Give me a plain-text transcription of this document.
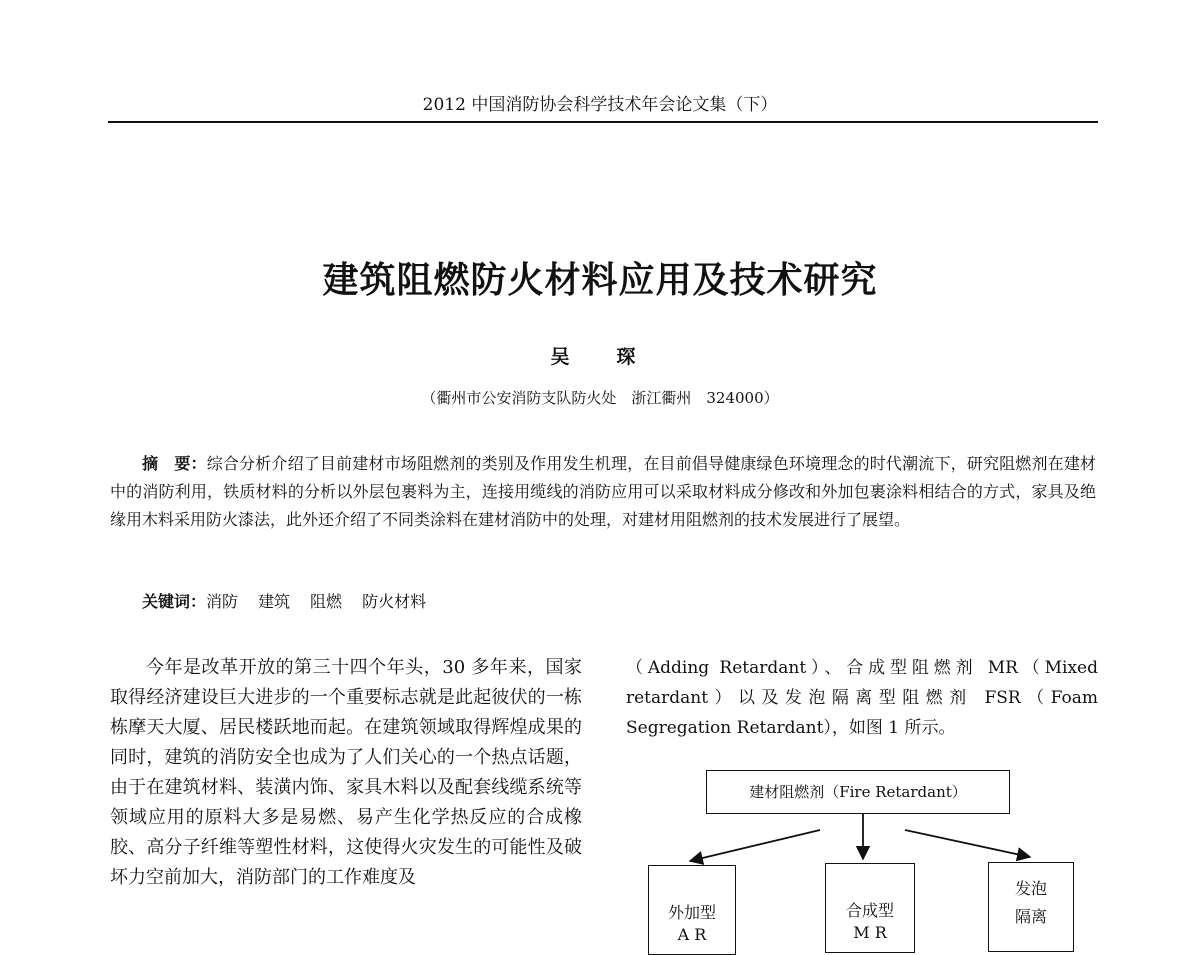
2012 中国消防协会科学技术年会论文集（下）
建筑阻燃防火材料应用及技术研究
吴　琛
（衢州市公安消防支队防火处　浙江衢州　324000）
摘　要：综合分析介绍了目前建材市场阻燃剂的类别及作用发生机理，在目前倡导健康绿色环境理念的时代潮流下，研究阻燃剂在建材中的消防利用，铁质材料的分析以外层包裹料为主，连接用缆线的消防应用可以采取材料成分修改和外加包裹涂料相结合的方式，家具及绝缘用木料采用防火漆法，此外还介绍了不同类涂料在建材消防中的处理，对建材用阻燃剂的技术发展进行了展望。
关键词：消防 建筑 阻燃 防火材料
今年是改革开放的第三十四个年头，30 多年来，国家取得经济建设巨大进步的一个重要标志就是此起彼伏的一栋栋摩天大厦、居民楼跃地而起。在建筑领域取得辉煌成果的同时，建筑的消防安全也成为了人们关心的一个热点话题，由于在建筑材料、装潢内饰、家具木料以及配套线缆系统等领域应用的原料大多是易燃、易产生化学热反应的合成橡胶、高分子纤维等塑性材料，这使得火灾发生的可能性及破坏力空前加大，消防部门的工作难度及
（Adding Retardant）、合成型阻燃剂 MR（Mixed retardant）以及发泡隔离型阻燃剂 FSR（Foam Segregation Retardant），如图 1 所示。
建材阻燃剂（Fire Retardant）
外加型
A R
合成型
M R
发泡
隔离
